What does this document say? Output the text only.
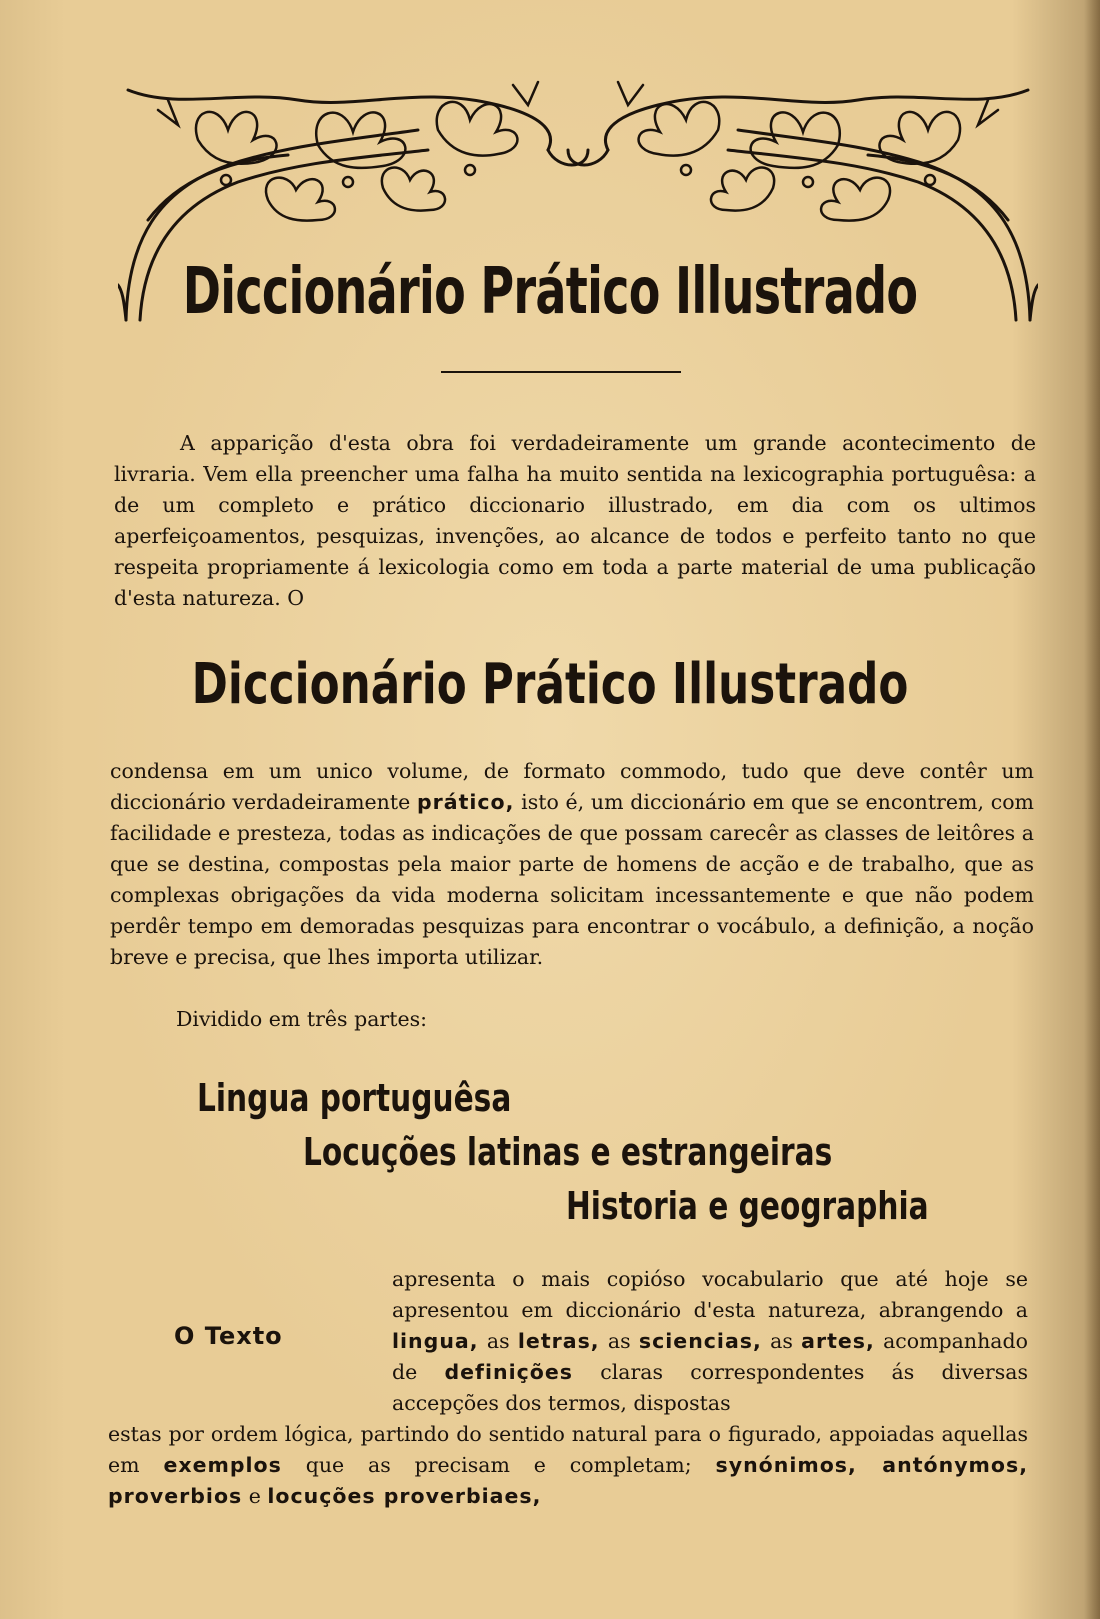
Diccionário Prático Illustrado
A apparição d'esta obra foi verdadeiramente um grande acontecimento de livraria. Vem ella preencher uma falha ha muito sentida na lexicographia portuguêsa: a de um completo e prático diccionario illustrado, em dia com os ultimos aperfeiçoamentos, pesquizas, invenções, ao alcance de todos e perfeito tanto no que respeita propriamente á lexicologia como em toda a parte material de uma publicação d'esta natureza. O
Diccionário Prático Illustrado
condensa em um unico volume, de formato commodo, tudo que deve contêr um diccionário verdadeiramente prático, isto é, um diccionário em que se encontrem, com facilidade e presteza, todas as indicações de que possam carecêr as classes de leitôres a que se destina, compostas pela maior parte de homens de acção e de trabalho, que as complexas obrigações da vida moderna solicitam incessantemente e que não podem perdêr tempo em demoradas pesquizas para encontrar o vocábulo, a definição, a noção breve e precisa, que lhes importa utilizar.
Dividido em três partes:
Lingua portuguêsa
Locuções latinas e estrangeiras
Historia e geographia
O Texto
apresenta o mais copióso vocabulario que até hoje se apresentou em diccionário d'esta natureza, abrangendo a lingua, as letras, as sciencias, as artes, acompanhado de definições claras correspondentes ás diversas accepções dos termos, dispostas
estas por ordem lógica, partindo do sentido natural para o figurado, appoiadas aquellas em exemplos que as precisam e completam; synónimos, antónymos, proverbios e locuções proverbiaes,
